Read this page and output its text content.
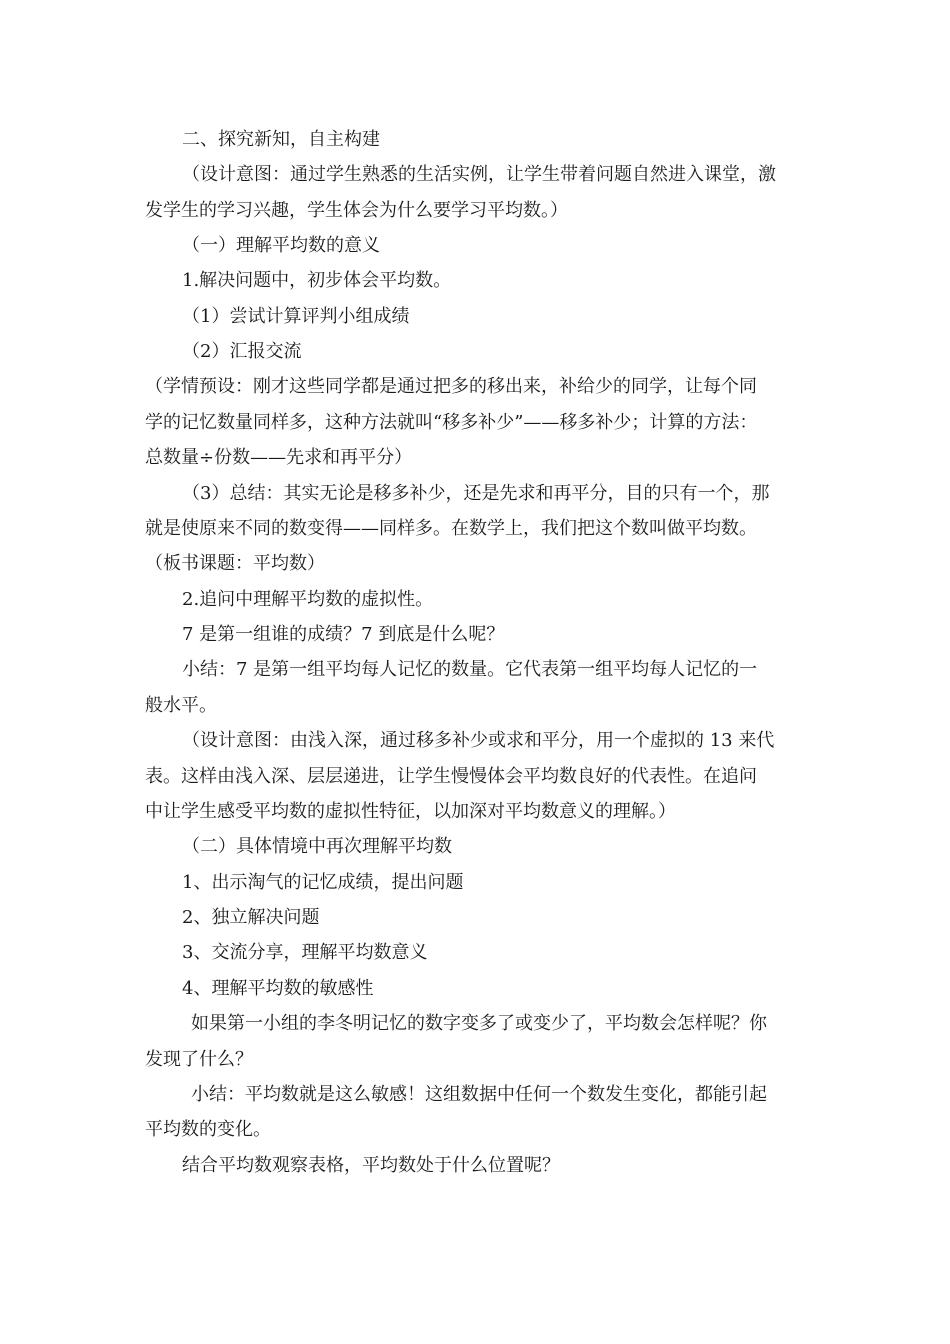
二、探究新知，自主构建
（设计意图：通过学生熟悉的生活实例，让学生带着问题自然进入课堂，激
发学生的学习兴趣，学生体会为什么要学习平均数。）
（一）理解平均数的意义
1.解决问题中，初步体会平均数。
（1）尝试计算评判小组成绩
（2）汇报交流
（学情预设：刚才这些同学都是通过把多的移出来，补给少的同学，让每个同
学的记忆数量同样多，这种方法就叫“移多补少”——移多补少；计算的方法：
总数量÷份数——先求和再平分）
（3）总结：其实无论是移多补少，还是先求和再平分，目的只有一个，那
就是使原来不同的数变得——同样多。在数学上，我们把这个数叫做平均数。
（板书课题：平均数）
2.追问中理解平均数的虚拟性。
7 是第一组谁的成绩？7 到底是什么呢？
小结：7 是第一组平均每人记忆的数量。它代表第一组平均每人记忆的一
般水平。
（设计意图：由浅入深，通过移多补少或求和平分，用一个虚拟的 13 来代
表。这样由浅入深、层层递进，让学生慢慢体会平均数良好的代表性。在追问
中让学生感受平均数的虚拟性特征，以加深对平均数意义的理解。）
（二）具体情境中再次理解平均数
1、出示淘气的记忆成绩，提出问题
2、独立解决问题
3、交流分享，理解平均数意义
4、理解平均数的敏感性
如果第一小组的李冬明记忆的数字变多了或变少了，平均数会怎样呢？你
发现了什么？
小结：平均数就是这么敏感！这组数据中任何一个数发生变化，都能引起
平均数的变化。
结合平均数观察表格，平均数处于什么位置呢？
